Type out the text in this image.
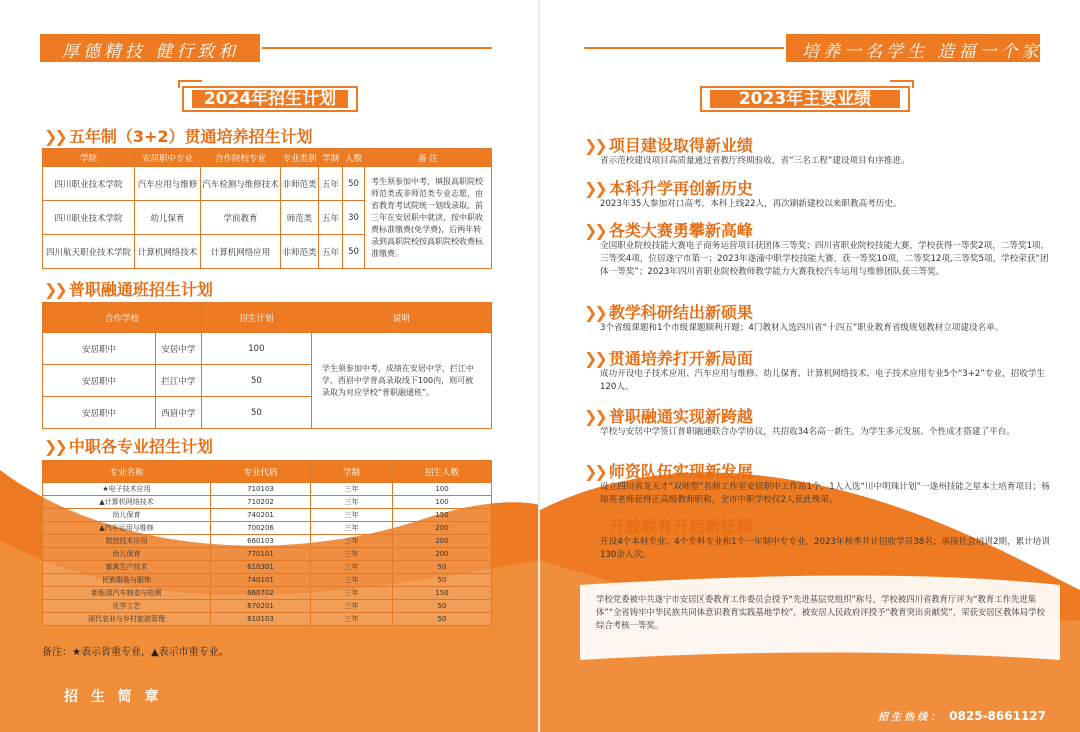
厚德精技 健行致和
2024年招生计划
❯❯ 五年制（3+2）贯通培养招生计划
学院	安居职中专业	合作院校专业	专业类别	学制	人数	备 注
四川职业技术学院	汽车应用与维修	汽车检测与维修技术	非师范类	五年	50	考生须参加中考，填报高职院校师范类或非师范类专业志愿，由省教育考试院统一划线录取。前三年在安居职中就读，按中职收费标准缴费(免学费)，后两年转录到高职院校按高职院校收费标准缴费。
四川职业技术学院	幼儿保育	学前教育	师范类	五年	30	
四川航天职业技术学院	计算机网络技术	计算机网络应用	非师范类	五年	50	
❯❯ 普职融通班招生计划
合作学校		招生计划	说明
安居职中	安居中学	100	学生须参加中考，成绩在安居中学、拦江中学、西眉中学普高录取线下100内，则可被录取为对应学校“普职融通班”。
安居职中	拦江中学	50	
安居职中	西眉中学	50	
❯❯ 中职各专业招生计划
专业名称	专业代码	学制	招生人数
★电子技术应用	710103	三年	100
▲计算机网络技术	710202	三年	100
幼儿保育	740201	三年	150
▲汽车运用与维修	700206	三年	200
数控技术应用	660103	三年	200
幼儿保育	770101	三年	200
畜禽生产技术	610301	三年	50
民族服装与服饰	740101	三年	50
新能源汽车制造与检测	660702	三年	150
化学工艺	670201	三年	50
现代农业与乡村旅游管理	610103	三年	50
备注：★表示省重专业，▲表示市重专业。
招 生 简 章
培养一名学生 造福一个家庭
2023年主要业绩
❯❯ 项目建设取得新业绩
省示范校建设项目高质量通过省教厅终期验收，省“三名工程”建设项目有序推进。
❯❯ 本科升学再创新历史
2023年35人参加对口高考，本科上线22人，再次刷新建校以来职教高考历史。
❯❯ 各类大赛勇攀新高峰
全国职业院校技能大赛电子商务运营项目获团体三等奖；四川省职业院校技能大赛，学校获得一等奖2项，二等奖1项，三等奖4项，位居遂宁市第一；2023年遂潼中职学校技能大赛，获一等奖10项，二等奖12项,三等奖5项，学校荣获“团体一等奖”；2023年四川省职业院校教师教学能力大赛我校汽车运用与维修团队获三等奖。
❯❯ 教学科研结出新硕果
3个省级课题和1个市级课题顺利开题；4门教材入选四川省“十四五”职业教育省级规划教材立项建设名单。
❯❯ 贯通培养打开新局面
成功开设电子技术应用、汽车应用与维修、幼儿保育、计算机网络技术、电子技术应用专业5个“3+2”专业，招收学生120人。
❯❯ 普职融通实现新跨越
学校与安居中学签订普职融通联合办学协议，共招收34名高一新生，为学生多元发展、个性成才搭建了平台。
❯❯ 师资队伍实现新发展
设立四川省龙天才“双师型”名师工作室安居职中工作站1个，1人入选“川中明珠计划”一遂州技能之星本土培育项目；杨琼英老师获得正高级教师职称，全市中职学校仅2人获此殊荣。
❯❯ 开放教育开启新征程
开设4个本科专业、4个专科专业和1个一年制中专专业，2023年秋季共计招收学员38名；承接社会培训2期，累计培训130余人次。
学校党委被中共遂宁市安居区委教育工作委员会授予“先进基层党组织”称号，学校被四川省教育厅评为“教育工作先进集体”“全省铸牢中华民族共同体意识教育实践基地学校”，被安居人民政府评授予“教育突出贡献奖”，荣获安居区教体局学校综合考核一等奖。
招生热线： 0825-8661127
